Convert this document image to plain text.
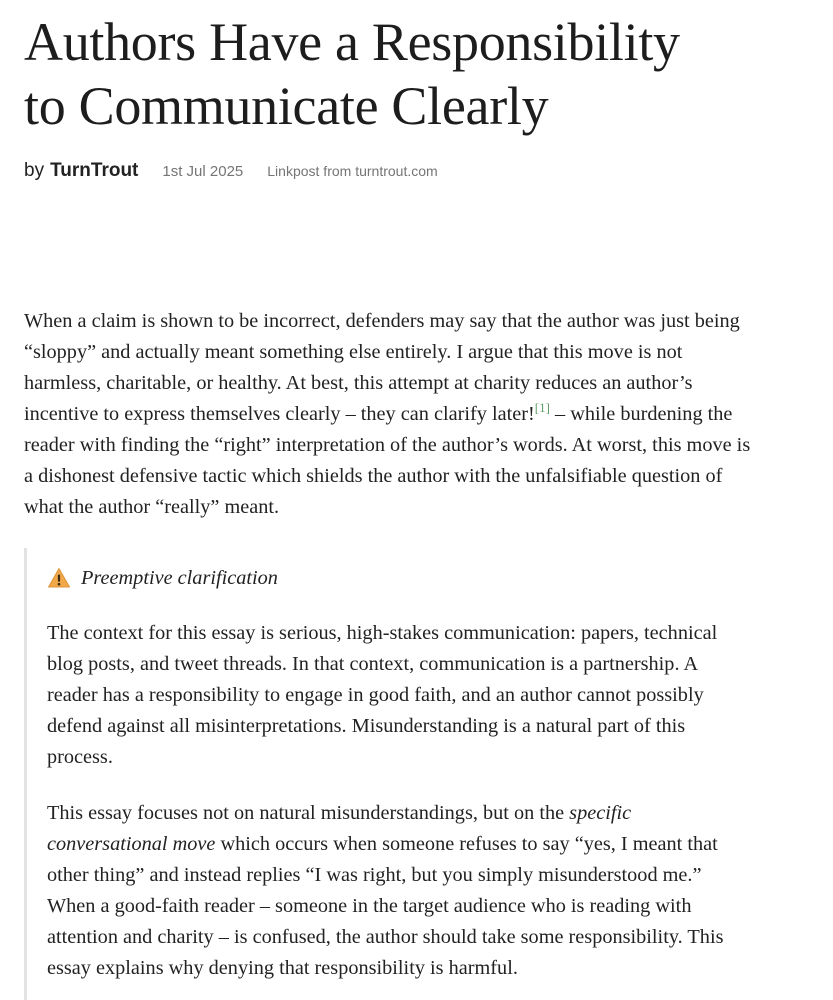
Authors Have a Responsibility
to Communicate Clearly
by TurnTrout 1st Jul 2025 Linkpost from turntrout.com

When a claim is shown to be incorrect, defenders may say that the author was just being
“sloppy” and actually meant something else entirely. I argue that this move is not
harmless, charitable, or healthy. At best, this attempt at charity reduces an author’s
incentive to express themselves clearly – they can clarify later![1] – while burdening the
reader with finding the “right” interpretation of the author’s words. At worst, this move is
a dishonest defensive tactic which shields the author with the unfalsifiable question of
what the author “really” meant.

Preemptive clarification

The context for this essay is serious, high-stakes communication: papers, technical
blog posts, and tweet threads. In that context, communication is a partnership. A
reader has a responsibility to engage in good faith, and an author cannot possibly
defend against all misinterpretations. Misunderstanding is a natural part of this
process.

This essay focuses not on natural misunderstandings, but on the specific
conversational move which occurs when someone refuses to say “yes, I meant that
other thing” and instead replies “I was right, but you simply misunderstood me.”
When a good-faith reader – someone in the target audience who is reading with
attention and charity – is confused, the author should take some responsibility. This
essay explains why denying that responsibility is harmful.
